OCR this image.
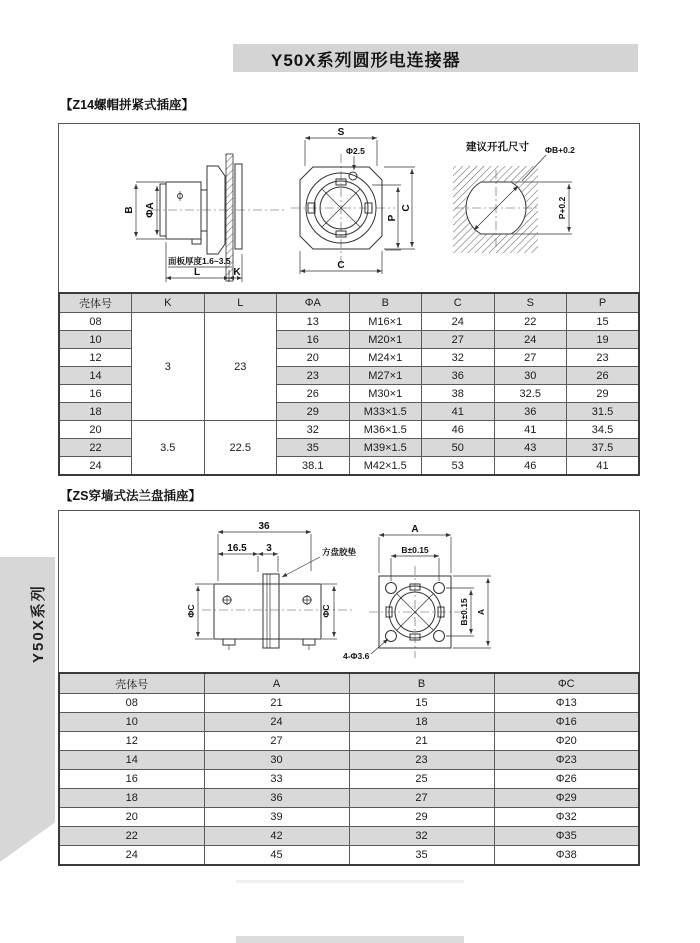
Y50X系列圆形电连接器
【Z14螺帽拼紧式插座】
B ΦA
面板厚度1.6~3.5
L	K
Φ2.5
S
C
P
C
建议开孔尺寸 ΦB+0.2
P+0.2
壳体号	K	L	ΦA	B	C	S	P
08	3	23	13	M16×1	24	22	15
10			16	M20×1	27	24	19
12			20	M24×1	32	27	23
14			23	M27×1	36	30	26
16			26	M30×1	38	32.5	29
18			29	M33×1.5	41	36	31.5
20	3.5	22.5	32	M36×1.5	46	41	34.5
22			35	M39×1.5	50	43	37.5
24			38.1	M42×1.5	53	46	41
【ZS穿墙式法兰盘插座】
36
16.5 3	方盘胶垫
ΦC	ΦC
4-Φ3.6
A
B±0.15
B±0.15 A
壳体号	A	B	ΦC
08	21	15	Φ13
10	24	18	Φ16
12	27	21	Φ20
14	30	23	Φ23
16	33	25	Φ26
18	36	27	Φ29
20	39	29	Φ32
22	42	32	Φ35
24	45	35	Φ38
Y50X系列
